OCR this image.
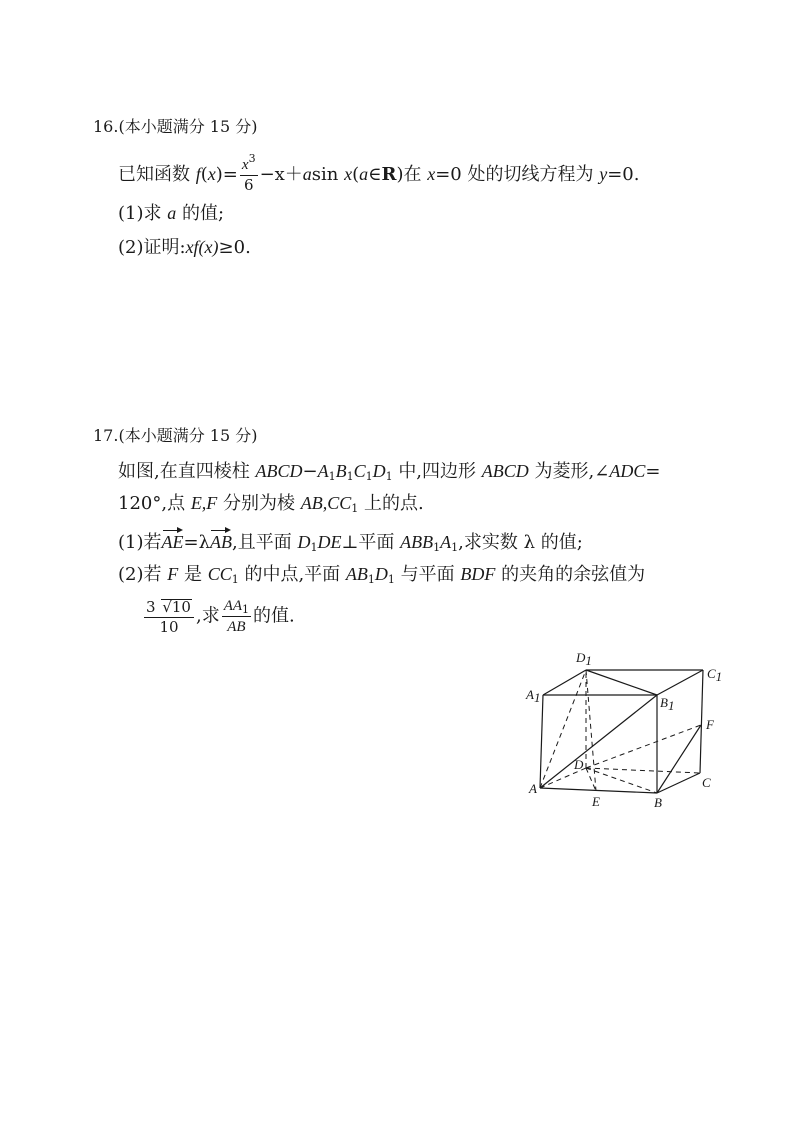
16.(本小题满分 15 分)
已知函数 $f(x)= \frac{x^3}{6} -x+asin$ x(a∈R)在 x=0 处的切线方程为 y=0.
(1)求 a 的值;
(2)证明:xf(x)≥0.
17.(本小题满分 15 分)
如图,在直四棱柱 $ABCD-A_1B_1C_1D_1$ 中,四边形 ABCD 为菱形,∠ADC=
120°,点 E,F 分别为棱 $AB,CC_1$ 上的点.
(1)若AE=λAB,且平面 $D_1DE\perp$平面 $ABB_1A_1$,求实数 λ 的值;
(2)若 F 是 $CC_1$ 的中点,平面 $AB_1D_1$ 与平面 BDF 的夹角的余弦值为
$\frac{3 √10}{10}$ ,求 $\frac{AA_1}{AB}$ 的值.
D1
C1
A1	B1
F
D
A
E	B
C
